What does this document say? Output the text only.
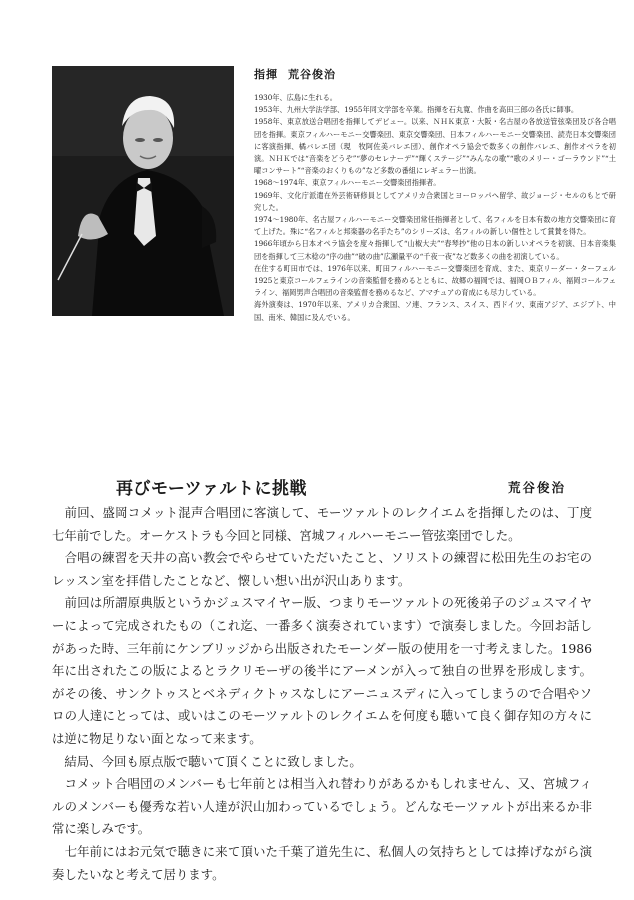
指揮 荒谷俊治

1930年、広島に生れる。

1953年、九州大学法学部、1955年同文学部を卒業。指揮を石丸寛、作曲を高田三郎の各氏に師事。

1958年、東京放送合唱団を指揮してデビュー。以来、ＮＨＫ東京・大阪・名古屋の各放送管弦楽団及び各合唱団を指揮。東京フィルハーモニー交響楽団、東京交響楽団、日本フィルハーモニー交響楽団、読売日本交響楽団に客演指揮、橘バレエ団（現　牧阿佐美バレエ団）、創作オペラ協会で数多くの創作バレエ、創作オペラを初演。ＮＨＫでは“音楽をどうぞ”“夢のセレナーデ”“輝くステージ”“みんなの歌”“歌のメリー・ゴーラウンド”“土曜コンサート”“音楽のおくりもの”など多数の番組にレギュラー出演。

1968～1974年、東京フィルハーモニー交響楽団指揮者。

1969年、文化庁派遣在外芸術研修員としてアメリカ合衆国とヨーロッパへ留学、故ジョージ・セルのもとで研究した。

1974～1980年、名古屋フィルハーモニー交響楽団常任指揮者として、名フィルを日本有数の地方交響楽団に育て上げた。殊に“名フィルと邦楽器の名手たち”のシリーズは、名フィルの新しい個性として賞賛を得た。

1966年頃から日本オペラ協会を度々指揮して“山椒大夫”“春琴抄”他の日本の新しいオペラを初演、日本音楽集団を指揮して三木稔の“序の曲”“破の曲”広瀬量平の“千夜一夜”など数多くの曲を初演している。

在住する町田市では、1976年以来、町田フィルハーモニー交響楽団を育成、また、東京リーダー・ターフェル1925と東京コールフェラインの音楽監督を務めるとともに、故郷の福岡では、福岡ＯＢフィル、福岡コールフェライン、福岡男声合唱団の音楽監督を務めるなど、アマチュアの育成にも尽力している。

海外演奏は、1970年以来、アメリカ合衆国、ソ連、フランス、スイス、西ドイツ、東南アジア、エジプト、中国、南米、韓国に及んでいる。

再びモーツァルトに挑戦	荒谷俊治

　前回、盛岡コメット混声合唱団に客演して、モーツァルトのレクイエムを指揮したのは、丁度七年前でした。オーケストラも今回と同様、宮城フィルハーモニー管弦楽団でした。

　合唱の練習を天井の高い教会でやらせていただいたこと、ソリストの練習に松田先生のお宅のレッスン室を拝借したことなど、懐しい想い出が沢山あります。

　前回は所謂原典版というかジュスマイヤー版、つまりモーツァルトの死後弟子のジュスマイヤーによって完成されたもの（これ迄、一番多く演奏されています）で演奏しました。今回お話しがあった時、三年前にケンブリッジから出版されたモーンダー版の使用を一寸考えました。1986年に出されたこの版によるとラクリモーザの後半にアーメンが入って独自の世界を形成します。がその後、サンクトゥスとベネディクトゥスなしにアーニュスディに入ってしまうので合唱やソロの人達にとっては、或いはこのモーツァルトのレクイエムを何度も聴いて良く御存知の方々には逆に物足りない面となって来ます。

　結局、今回も原点版で聴いて頂くことに致しました。

　コメット合唱団のメンバーも七年前とは相当入れ替わりがあるかもしれません、又、宮城フィルのメンバーも優秀な若い人達が沢山加わっているでしょう。どんなモーツァルトが出来るか非常に楽しみです。

　七年前にはお元気で聴きに来て頂いた千葉了道先生に、私個人の気持ちとしては捧げながら演奏したいなと考えて居ります。
